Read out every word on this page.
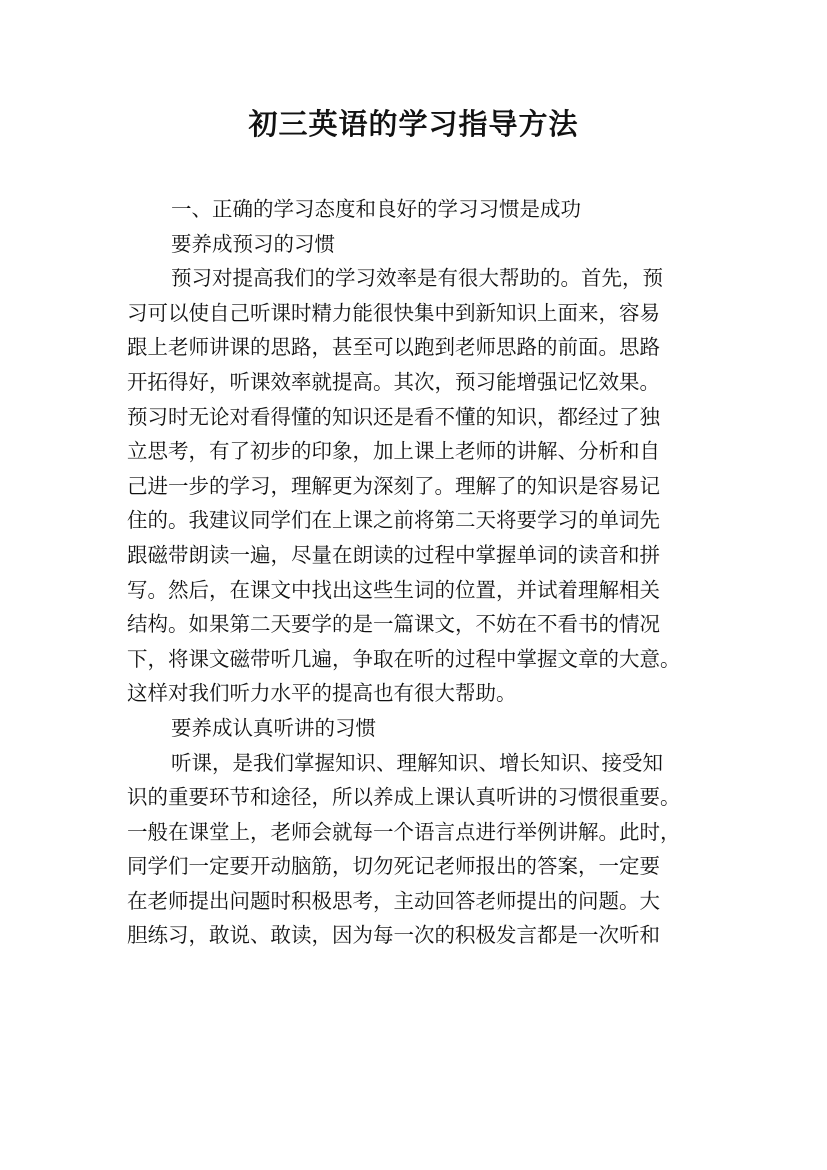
初三英语的学习指导方法
一、正确的学习态度和良好的学习习惯是成功
要养成预习的习惯
预习对提高我们的学习效率是有很大帮助的。首先，预
习可以使自己听课时精力能很快集中到新知识上面来，容易
跟上老师讲课的思路，甚至可以跑到老师思路的前面。思路
开拓得好，听课效率就提高。其次，预习能增强记忆效果。
预习时无论对看得懂的知识还是看不懂的知识，都经过了独
立思考，有了初步的印象，加上课上老师的讲解、分析和自
己进一步的学习，理解更为深刻了。理解了的知识是容易记
住的。我建议同学们在上课之前将第二天将要学习的单词先
跟磁带朗读一遍，尽量在朗读的过程中掌握单词的读音和拼
写。然后，在课文中找出这些生词的位置，并试着理解相关
结构。如果第二天要学的是一篇课文，不妨在不看书的情况
下，将课文磁带听几遍，争取在听的过程中掌握文章的大意。
这样对我们听力水平的提高也有很大帮助。
要养成认真听讲的习惯
听课，是我们掌握知识、理解知识、增长知识、接受知
识的重要环节和途径，所以养成上课认真听讲的习惯很重要。
一般在课堂上，老师会就每一个语言点进行举例讲解。此时，
同学们一定要开动脑筋，切勿死记老师报出的答案，一定要
在老师提出问题时积极思考，主动回答老师提出的问题。大
胆练习，敢说、敢读，因为每一次的积极发言都是一次听和
